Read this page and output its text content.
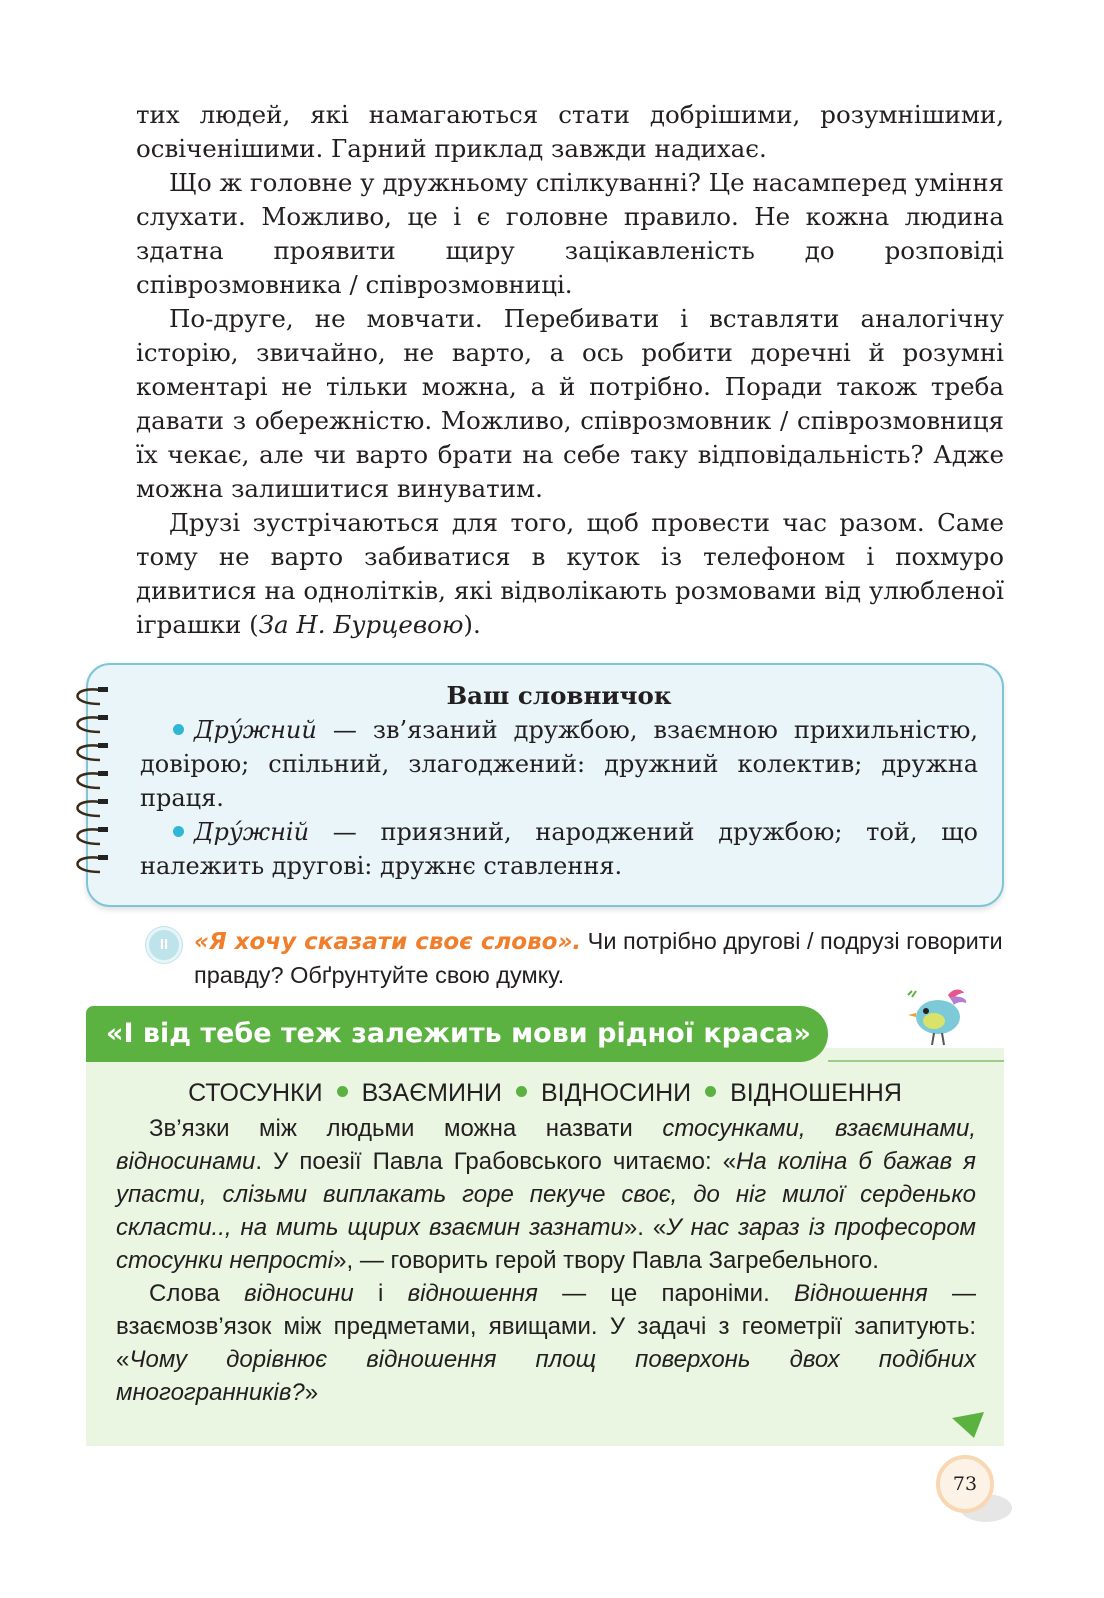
тих людей, які намагаються стати добрішими, розумнішими, освіченішими. Гарний приклад завжди надихає.

Що ж головне у дружньому спілкуванні? Це насамперед уміння слухати. Можливо, це і є головне правило. Не кожна людина здатна проявити щиру зацікавленість до розповіді співрозмовника / співрозмовниці.

По-друге, не мовчати. Перебивати і вставляти аналогічну історію, звичайно, не варто, а ось робити доречні й розумні коментарі не тільки можна, а й потрібно. Поради також треба давати з обережністю. Можливо, співрозмовник / співрозмовниця їх чекає, але чи варто брати на себе таку відповідальність? Адже можна залишитися винуватим.

Друзі зустрічаються для того, щоб провести час разом. Саме тому не варто забиватися в куток із телефоном і похмуро дивитися на однолітків, які відволікають розмовами від улюбленої іграшки (За Н. Бурцевою).

Ваш словничок

Дру́жний — зв’язаний дружбою, взаємною прихильністю, довірою; спільний, злагоджений: дружний колектив; дружна праця.

Дру́жній — приязний, народжений дружбою; той, що належить другові: дружнє ставлення.

II	«Я хочу сказати своє слово». Чи потрібно другові / подрузі говорити правду? Обґрунтуйте свою думку.
«І від тебе теж залежить мови рідної краса»
СТОСУНКИ ВЗАЄМИНИ ВІДНОСИНИ ВІДНОШЕННЯ

Зв’язки між людьми можна назвати стосунками, взаєминами, відносинами. У поезії Павла Грабовського читаємо: «На коліна б бажав я упасти, слізьми виплакать горе пекуче своє, до ніг милої серденько скласти.., на мить щирих взаємин зазнати». «У нас зараз із професором стосунки непрості», — говорить герой твору Павла Загребельного.

Слова відносини і відношення — це пароніми. Відношення — взаємозв’язок між предметами, явищами. У задачі з геометрії запитують: «Чому дорівнює відношення площ поверхонь двох подібних многогранників?»

73
